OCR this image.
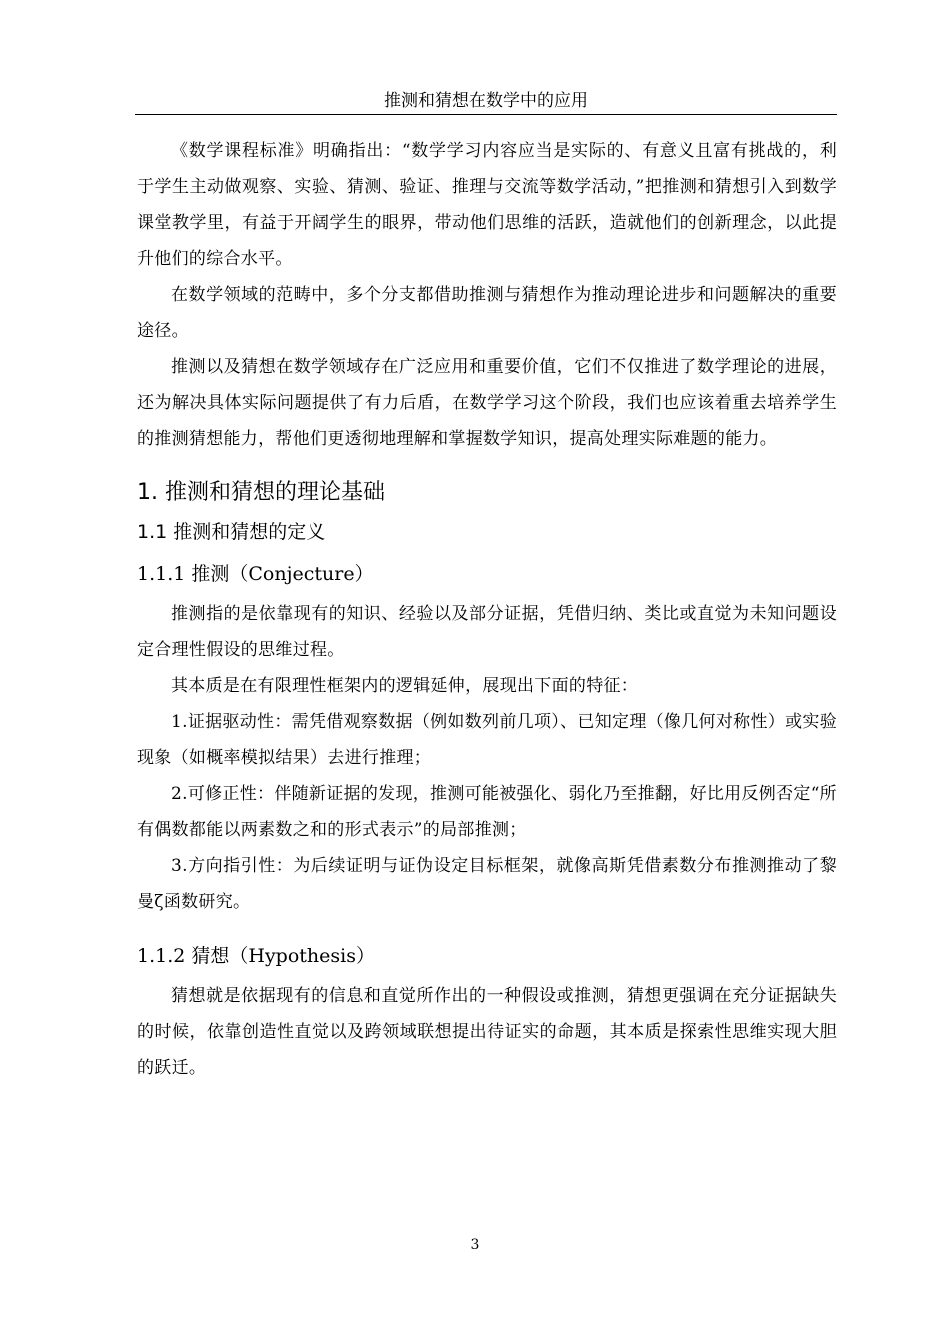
推测和猜想在数学中的应用

《数学课程标准》明确指出：“数学学习内容应当是实际的、有意义且富有挑战的，利于学生主动做观察、实验、猜测、验证、推理与交流等数学活动，”把推测和猜想引入到数学课堂教学里，有益于开阔学生的眼界，带动他们思维的活跃，造就他们的创新理念，以此提升他们的综合水平。

在数学领域的范畴中，多个分支都借助推测与猜想作为推动理论进步和问题解决的重要途径。

推测以及猜想在数学领域存在广泛应用和重要价值，它们不仅推进了数学理论的进展，还为解决具体实际问题提供了有力后盾，在数学学习这个阶段，我们也应该着重去培养学生的推测猜想能力，帮他们更透彻地理解和掌握数学知识，提高处理实际难题的能力。

1. 推测和猜想的理论基础
1.1 推测和猜想的定义
1.1.1 推测（Conjecture）

推测指的是依靠现有的知识、经验以及部分证据，凭借归纳、类比或直觉为未知问题设定合理性假设的思维过程。

其本质是在有限理性框架内的逻辑延伸，展现出下面的特征：

1.证据驱动性：需凭借观察数据（例如数列前几项）、已知定理（像几何对称性）或实验现象（如概率模拟结果）去进行推理；

2.可修正性：伴随新证据的发现，推测可能被强化、弱化乃至推翻，好比用反例否定“所有偶数都能以两素数之和的形式表示”的局部推测；

3.方向指引性：为后续证明与证伪设定目标框架，就像高斯凭借素数分布推测推动了黎曼ζ函数研究。

1.1.2 猜想（Hypothesis）

猜想就是依据现有的信息和直觉所作出的一种假设或推测，猜想更强调在充分证据缺失的时候，依靠创造性直觉以及跨领域联想提出待证实的命题，其本质是探索性思维实现大胆的跃迁。

3
